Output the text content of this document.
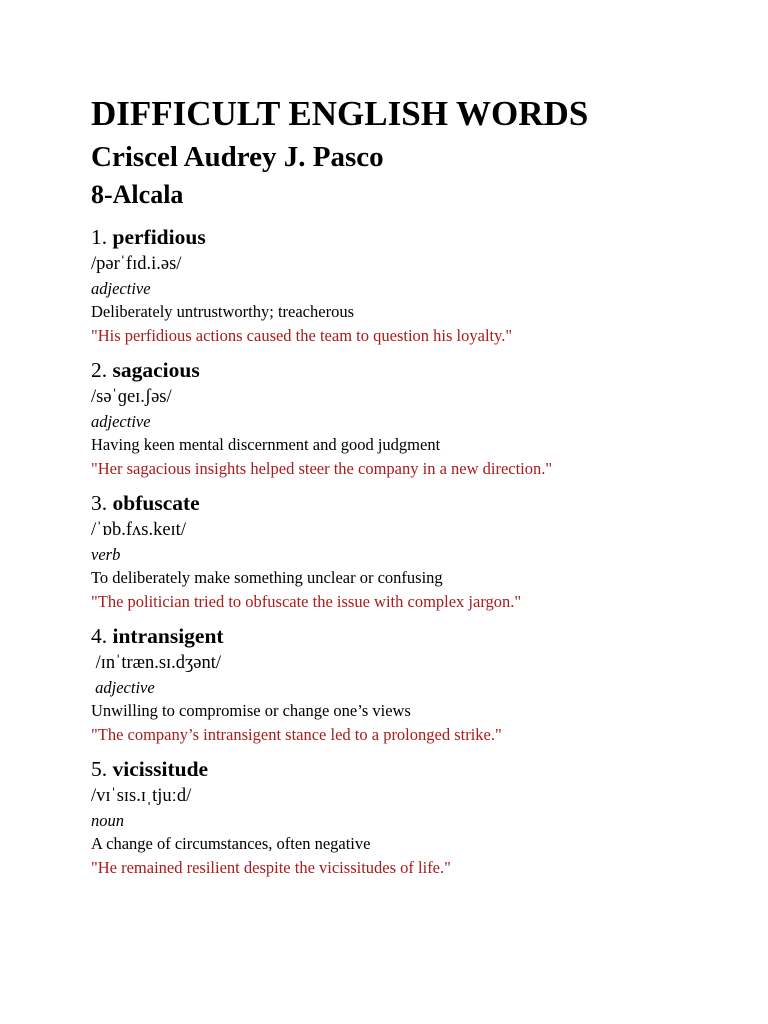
DIFFICULT ENGLISH WORDS
Criscel Audrey J. Pasco
8-Alcala

1. perfidious

/pərˈfɪd.i.əs/

adjective

Deliberately untrustworthy; treacherous

"His perfidious actions caused the team to question his loyalty."

2. sagacious

/səˈɡeɪ.ʃəs/

adjective

Having keen mental discernment and good judgment

"Her sagacious insights helped steer the company in a new direction."

3. obfuscate

/ˈɒb.fʌs.keɪt/

verb

To deliberately make something unclear or confusing

"The politician tried to obfuscate the issue with complex jargon."

4. intransigent

/ɪnˈtræn.sɪ.dʒənt/

adjective

Unwilling to compromise or change one’s views

"The company’s intransigent stance led to a prolonged strike."

5. vicissitude

/vɪˈsɪs.ɪˌtjuːd/

noun

A change of circumstances, often negative

"He remained resilient despite the vicissitudes of life."
